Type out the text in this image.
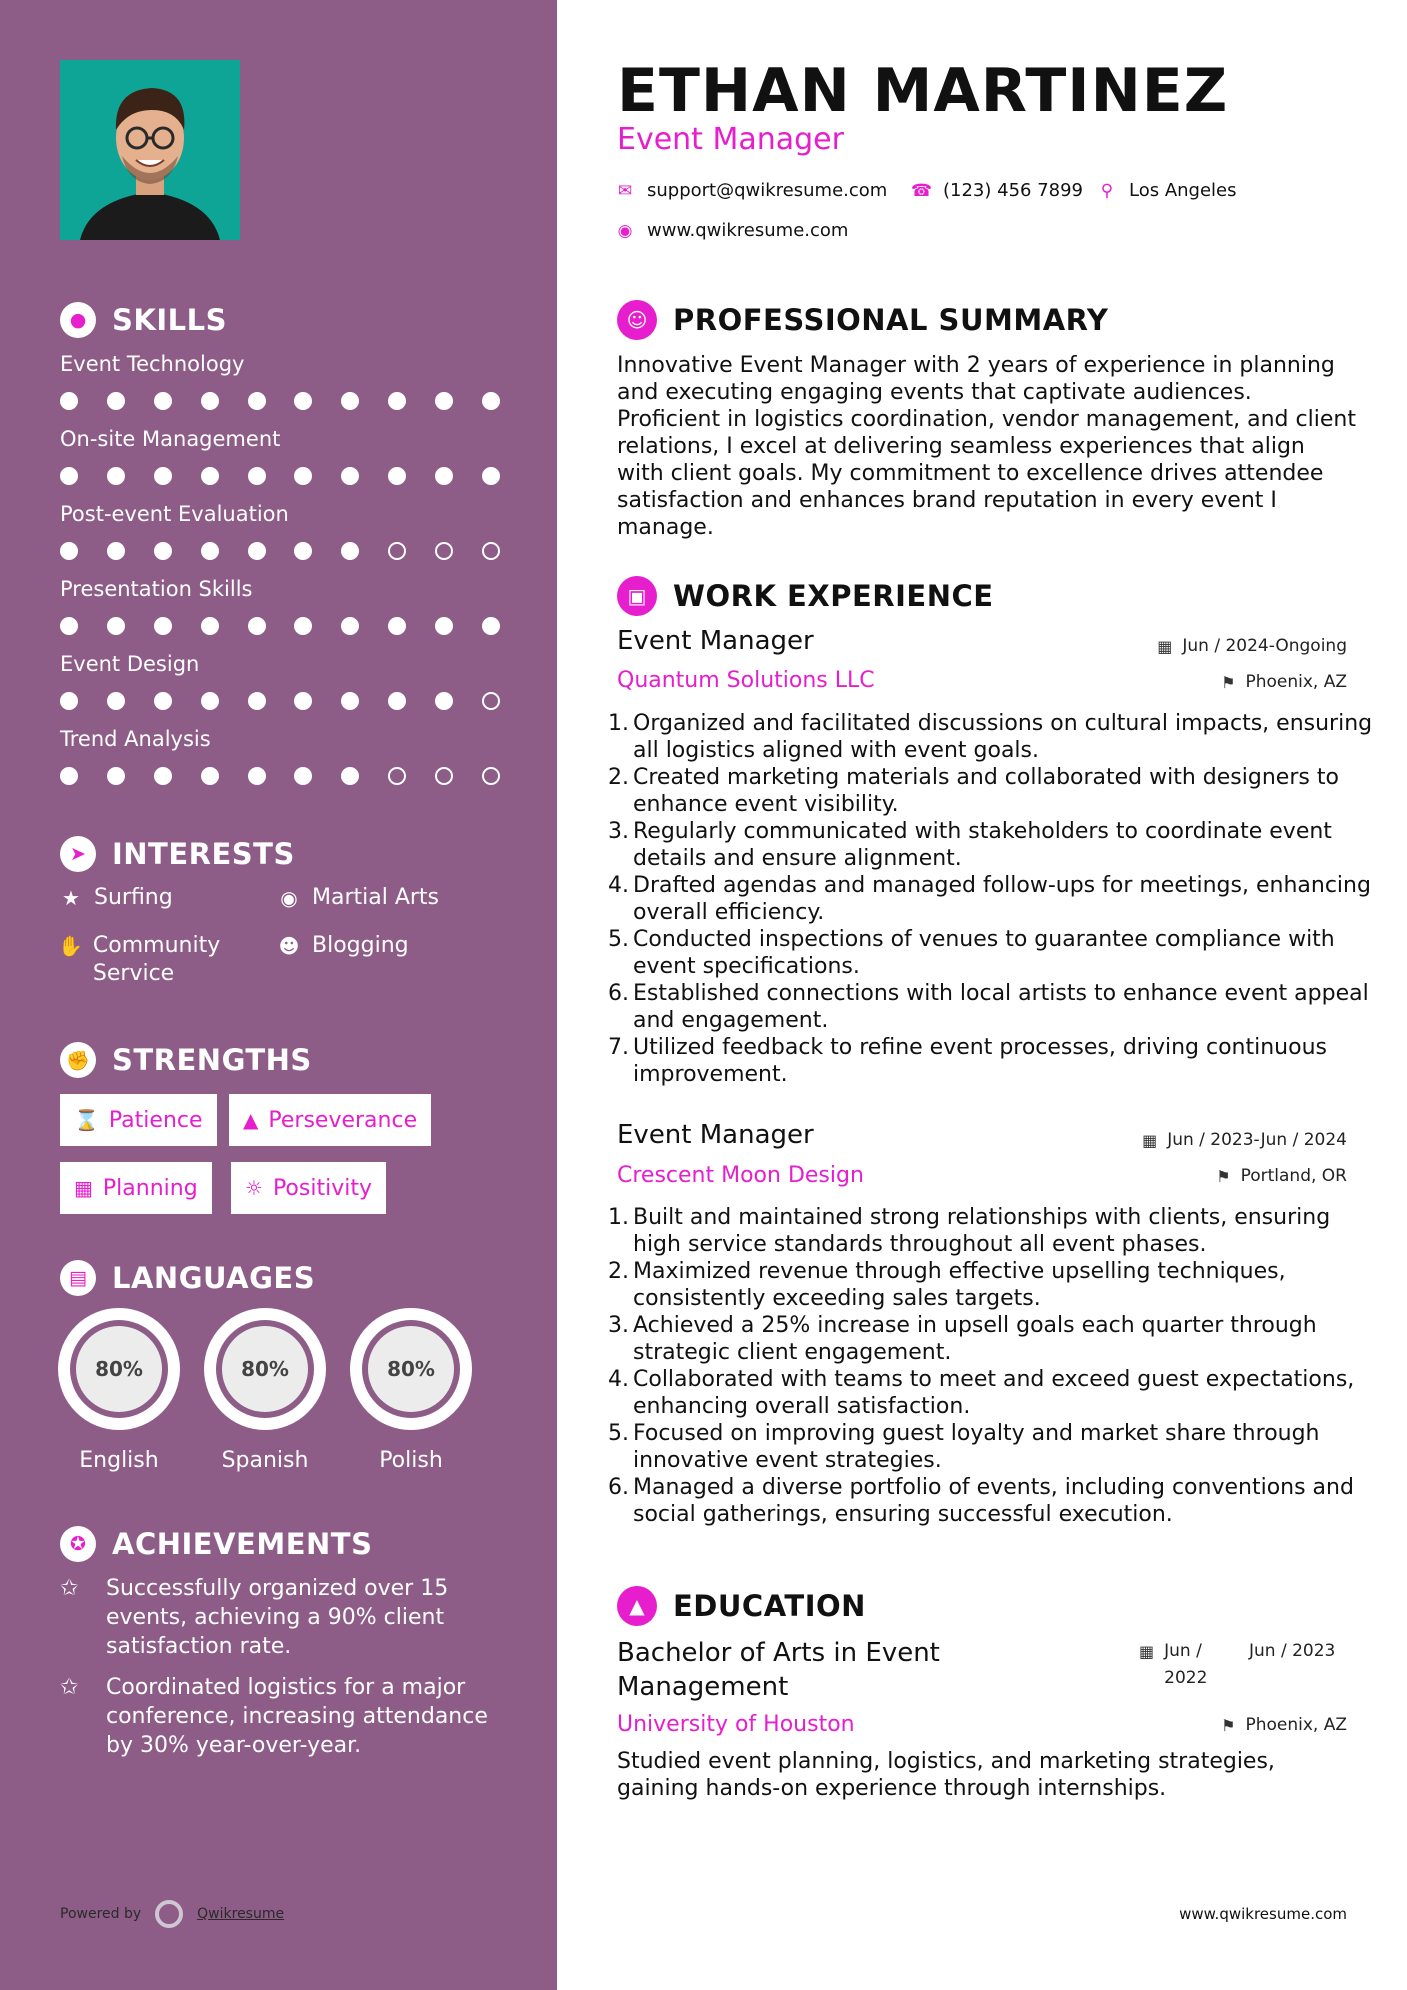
● SKILLS
Event Technology
On-site Management
Post-event Evaluation
Presentation Skills
Event Design
Trend Analysis
➤ INTERESTS
★ Surfing	◉ Martial Arts
✋ Community Service
☻ Blogging
✊ STRENGTHS
⌛ Patience ▲ Perseverance
▦ Planning ☼ Positivity
▤ LANGUAGES
80%
English
80%
Spanish
80%
Polish
✪ ACHIEVEMENTS
✩	Successfully organized over 15 events, achieving a 90% client satisfaction rate.
✩	Coordinated logistics for a major conference, increasing attendance by 30% year-over-year.
Powered by	Qwikresume
ETHAN MARTINEZ
Event Manager
✉ support@qwikresume.com ☎ (123) 456 7899 ⚲ Los Angeles
◉ www.qwikresume.com
☺ PROFESSIONAL SUMMARY
Innovative Event Manager with 2 years of experience in planning and executing engaging events that captivate audiences. Proficient in logistics coordination, vendor management, and client relations, I excel at delivering seamless experiences that align with client goals. My commitment to excellence drives attendee satisfaction and enhances brand reputation in every event I manage.
▣ WORK EXPERIENCE
Event Manager
Quantum Solutions LLC
▦ Jun / 2024-Ongoing
⚑ Phoenix, AZ
1. Organized and facilitated discussions on cultural impacts, ensuring all logistics aligned with event goals.
2. Created marketing materials and collaborated with designers to enhance event visibility.
3. Regularly communicated with stakeholders to coordinate event details and ensure alignment.
4. Drafted agendas and managed follow-ups for meetings, enhancing overall efficiency.
5. Conducted inspections of venues to guarantee compliance with event specifications.
6. Established connections with local artists to enhance event appeal and engagement.
7. Utilized feedback to refine event processes, driving continuous improvement.
Event Manager
Crescent Moon Design
▦ Jun / 2023-Jun / 2024
⚑ Portland, OR
1. Built and maintained strong relationships with clients, ensuring high service standards throughout all event phases.
2. Maximized revenue through effective upselling techniques, consistently exceeding sales targets.
3. Achieved a 25% increase in upsell goals each quarter through strategic client engagement.
4. Collaborated with teams to meet and exceed guest expectations, enhancing overall satisfaction.
5. Focused on improving guest loyalty and market share through innovative event strategies.
6. Managed a diverse portfolio of events, including conventions and social gatherings, ensuring successful execution.
▲ EDUCATION
Bachelor of Arts in Event Management
▦ Jun / 2022
Jun / 2023
University of Houston	⚑ Phoenix, AZ
Studied event planning, logistics, and marketing strategies, gaining hands-on experience through internships.
www.qwikresume.com
